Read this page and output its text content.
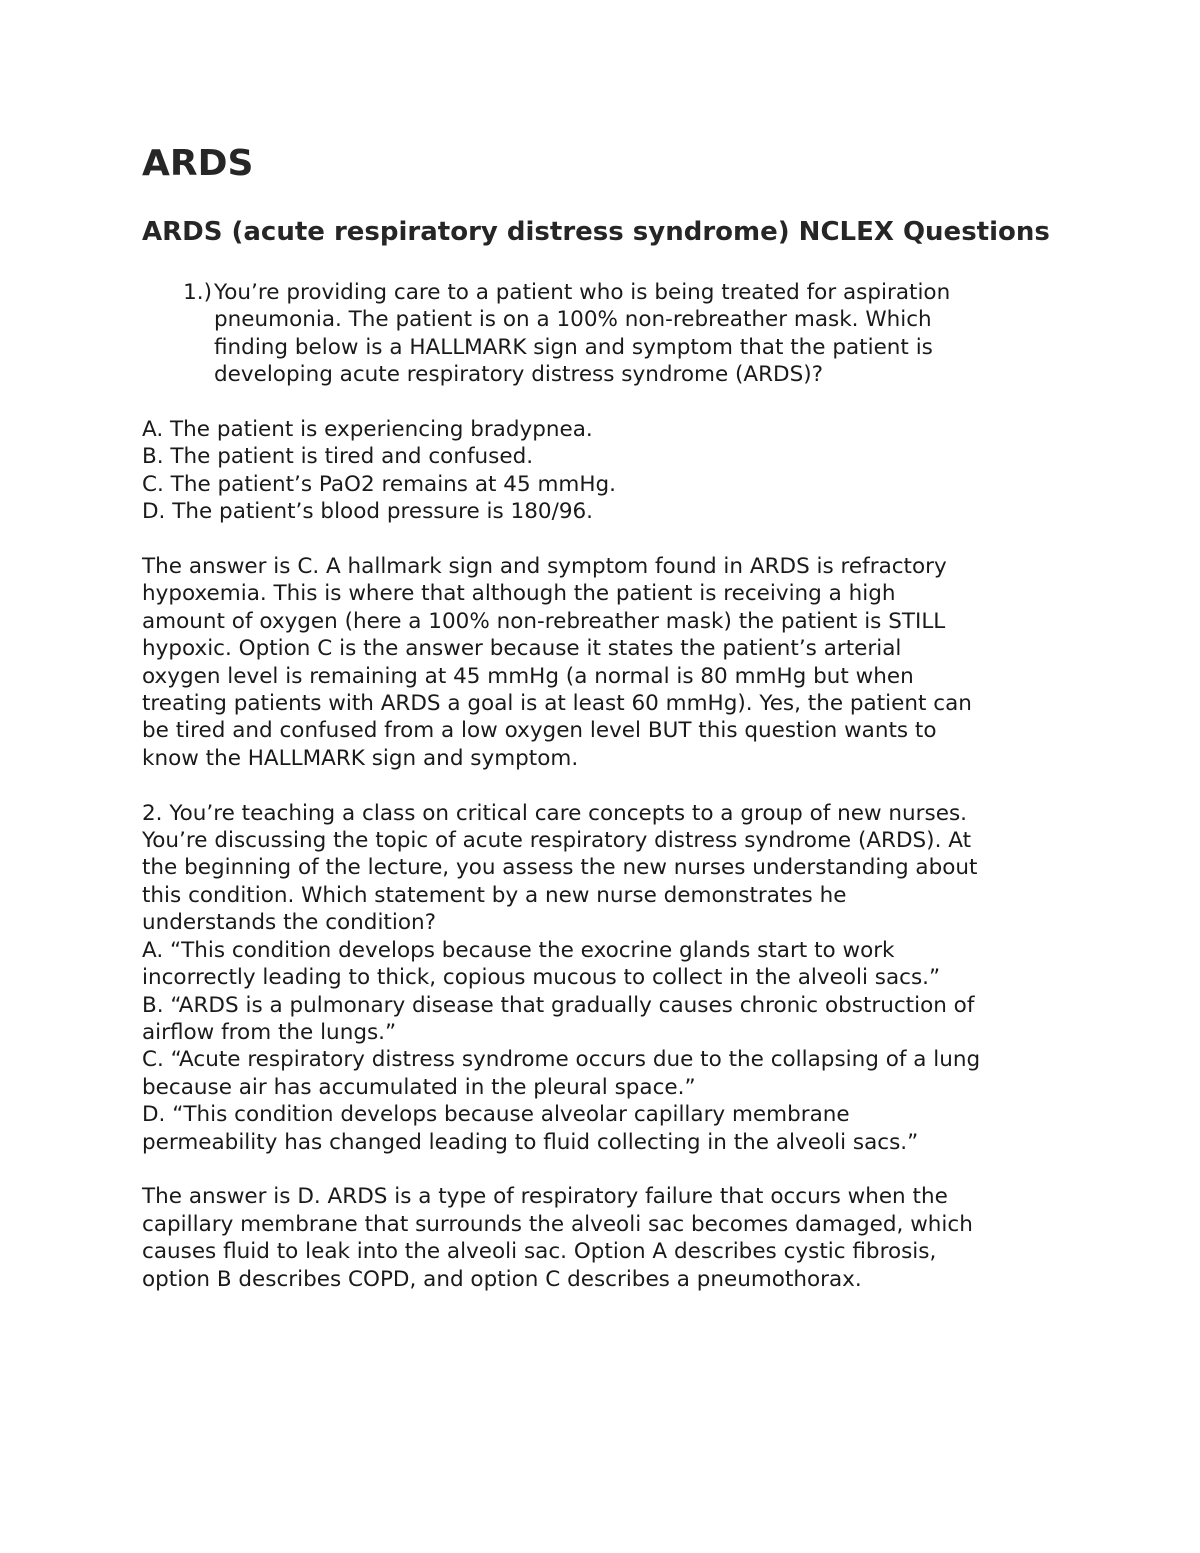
ARDS
ARDS (acute respiratory distress syndrome) NCLEX Questions
1.) You’re providing care to a patient who is being treated for aspiration
pneumonia. The patient is on a 100% non-rebreather mask. Which
finding below is a HALLMARK sign and symptom that the patient is
developing acute respiratory distress syndrome (ARDS)?
A. The patient is experiencing bradypnea.
B. The patient is tired and confused.
C. The patient’s PaO2 remains at 45 mmHg.
D. The patient’s blood pressure is 180/96.
The answer is C. A hallmark sign and symptom found in ARDS is refractory
hypoxemia. This is where that although the patient is receiving a high
amount of oxygen (here a 100% non-rebreather mask) the patient is STILL
hypoxic. Option C is the answer because it states the patient’s arterial
oxygen level is remaining at 45 mmHg (a normal is 80 mmHg but when
treating patients with ARDS a goal is at least 60 mmHg). Yes, the patient can
be tired and confused from a low oxygen level BUT this question wants to
know the HALLMARK sign and symptom.
2. You’re teaching a class on critical care concepts to a group of new nurses.
You’re discussing the topic of acute respiratory distress syndrome (ARDS). At
the beginning of the lecture, you assess the new nurses understanding about
this condition. Which statement by a new nurse demonstrates he
understands the condition?
A. “This condition develops because the exocrine glands start to work
incorrectly leading to thick, copious mucous to collect in the alveoli sacs.”
B. “ARDS is a pulmonary disease that gradually causes chronic obstruction of
airflow from the lungs.”
C. “Acute respiratory distress syndrome occurs due to the collapsing of a lung
because air has accumulated in the pleural space.”
D. “This condition develops because alveolar capillary membrane
permeability has changed leading to fluid collecting in the alveoli sacs.”
The answer is D. ARDS is a type of respiratory failure that occurs when the
capillary membrane that surrounds the alveoli sac becomes damaged, which
causes fluid to leak into the alveoli sac. Option A describes cystic fibrosis,
option B describes COPD, and option C describes a pneumothorax.
